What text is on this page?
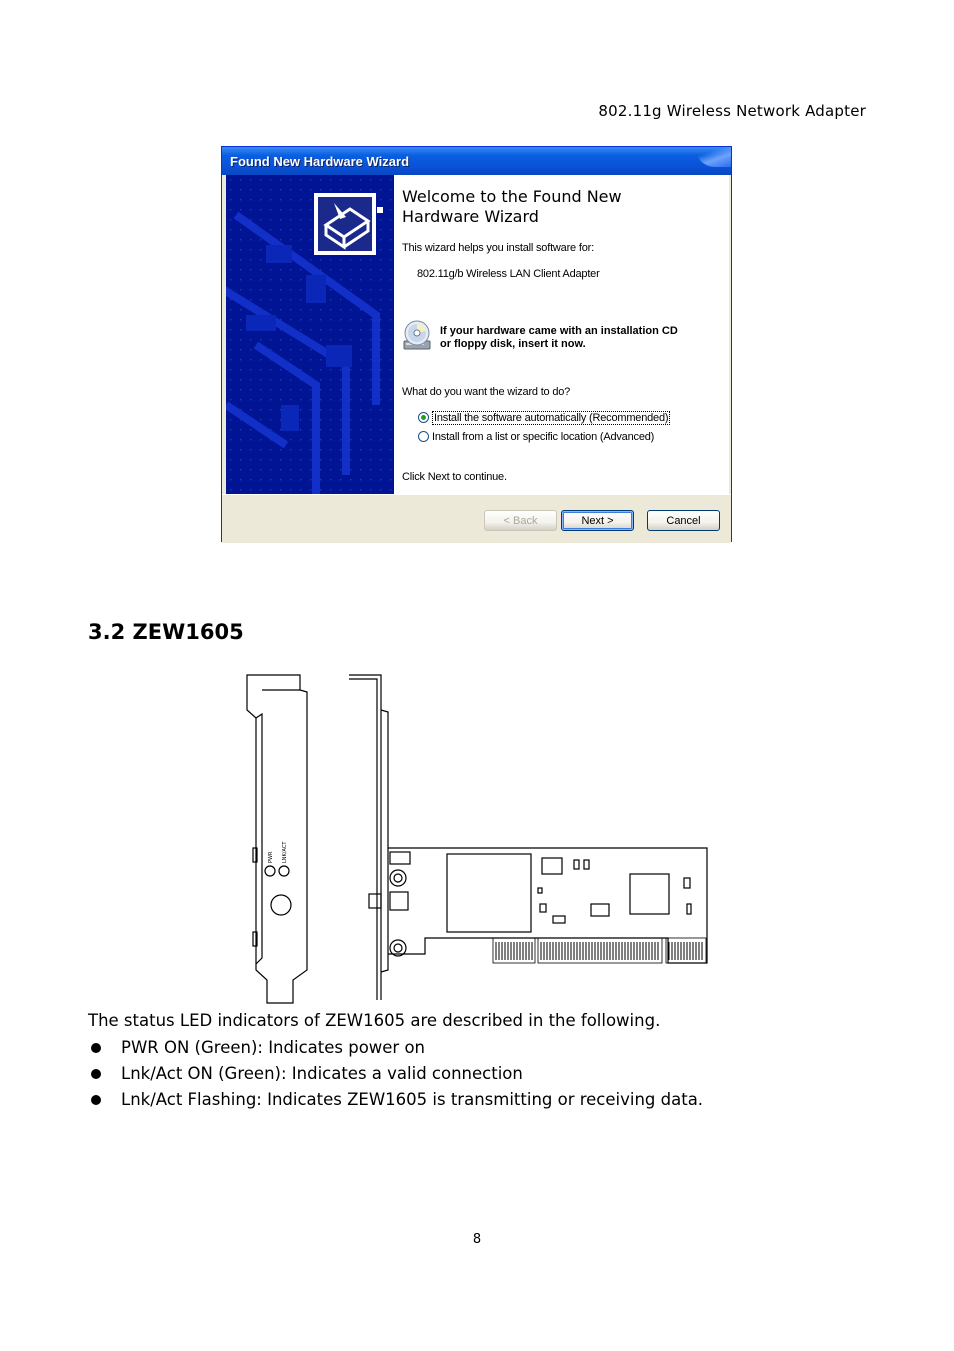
802.11g Wireless Network Adapter
Found New Hardware Wizard
Welcome to the Found New Hardware Wizard
This wizard helps you install software for:
802.11g/b Wireless LAN Client Adapter
If your hardware came with an installation CD
or floppy disk, insert it now.
What do you want the wizard to do?
Install the software automatically (Recommended)
Install from a list or specific location (Advanced)
Click Next to continue.
< Back	Next >	Cancel
3.2 ZEW1605
PWR LNK/ACT
The status LED indicators of ZEW1605 are described in the following.
PWR ON (Green): Indicates power on
Lnk/Act ON (Green): Indicates a valid connection
Lnk/Act Flashing: Indicates ZEW1605 is transmitting or receiving data.
8
